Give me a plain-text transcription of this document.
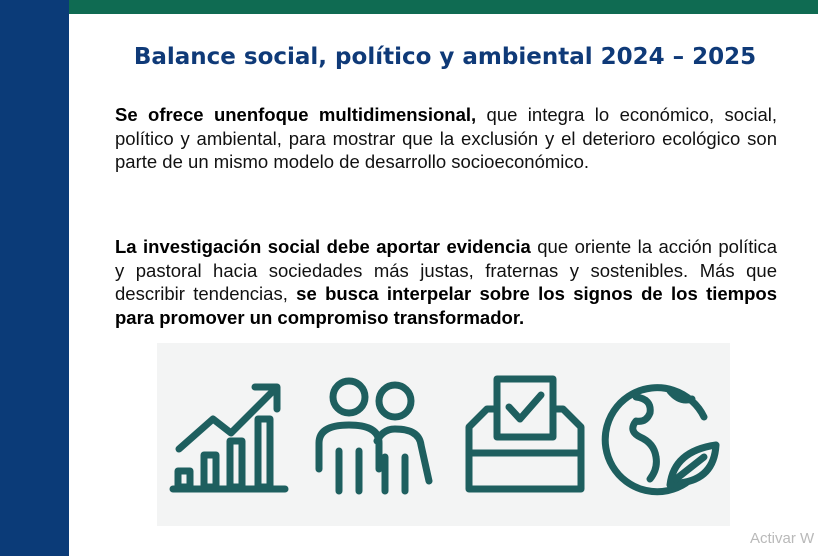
Balance social, político y ambiental 2024 – 2025

Se ofrece unenfoque multidimensional, que integra lo económico, social, político y ambiental, para mostrar que la exclusión y el deterioro ecológico son parte de un mismo modelo de desarrollo socioeconómico.

La investigación social debe aportar evidencia que oriente la acción política y pastoral hacia sociedades más justas, fraternas y sostenibles. Más que describir tendencias, se busca interpelar sobre los signos de los tiempos para promover un compromiso transformador.

Activar W
